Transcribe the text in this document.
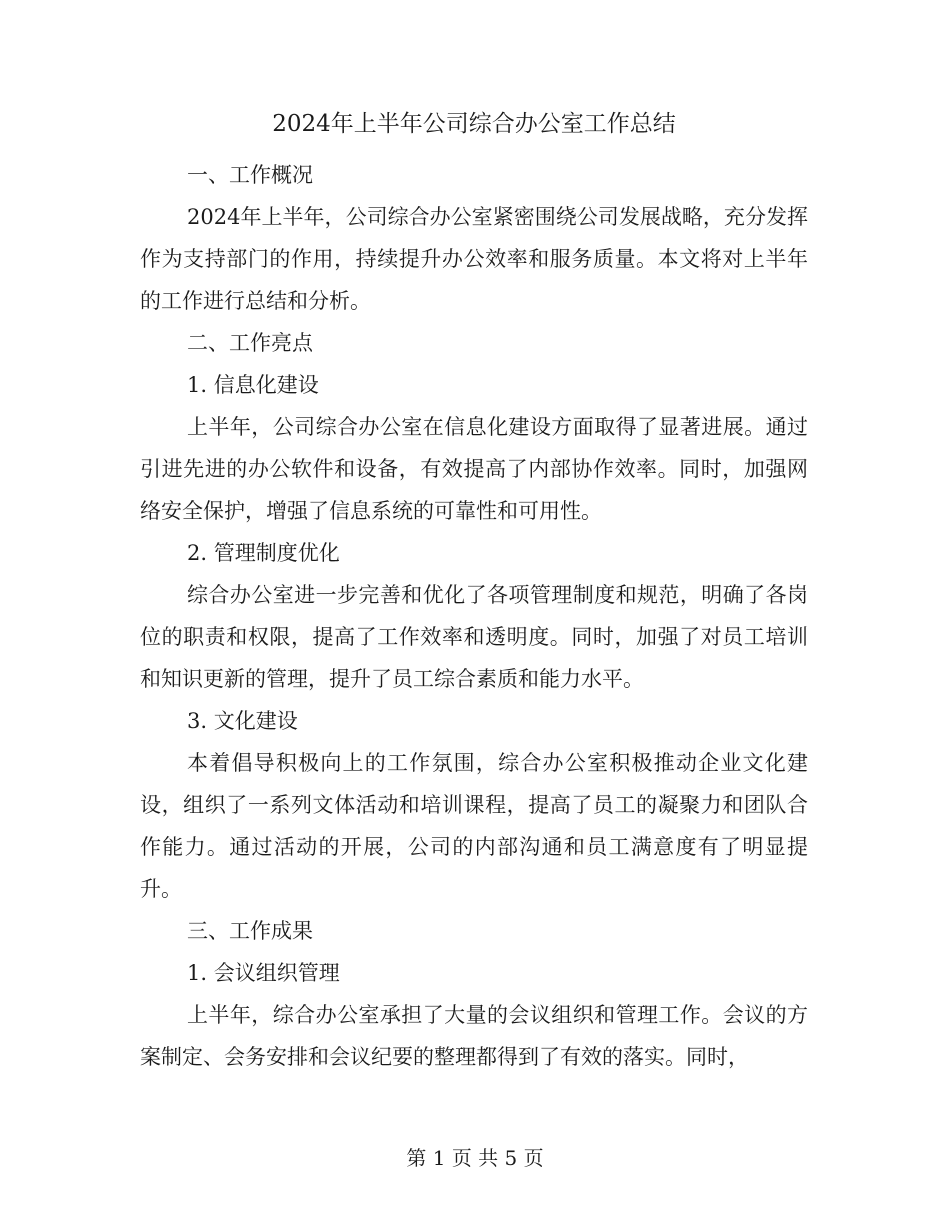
2024年上半年公司综合办公室工作总结
一、工作概况

2024年上半年，公司综合办公室紧密围绕公司发展战略，充分发挥作为支持部门的作用，持续提升办公效率和服务质量。本文将对上半年的工作进行总结和分析。

二、工作亮点
1. 信息化建设

上半年，公司综合办公室在信息化建设方面取得了显著进展。通过引进先进的办公软件和设备，有效提高了内部协作效率。同时，加强网络安全保护，增强了信息系统的可靠性和可用性。

2. 管理制度优化

综合办公室进一步完善和优化了各项管理制度和规范，明确了各岗位的职责和权限，提高了工作效率和透明度。同时，加强了对员工培训和知识更新的管理，提升了员工综合素质和能力水平。

3. 文化建设

本着倡导积极向上的工作氛围，综合办公室积极推动企业文化建设，组织了一系列文体活动和培训课程，提高了员工的凝聚力和团队合作能力。通过活动的开展，公司的内部沟通和员工满意度有了明显提升。

三、工作成果
1. 会议组织管理

上半年，综合办公室承担了大量的会议组织和管理工作。会议的方案制定、会务安排和会议纪要的整理都得到了有效的落实。同时，

第 1 页 共 5 页
